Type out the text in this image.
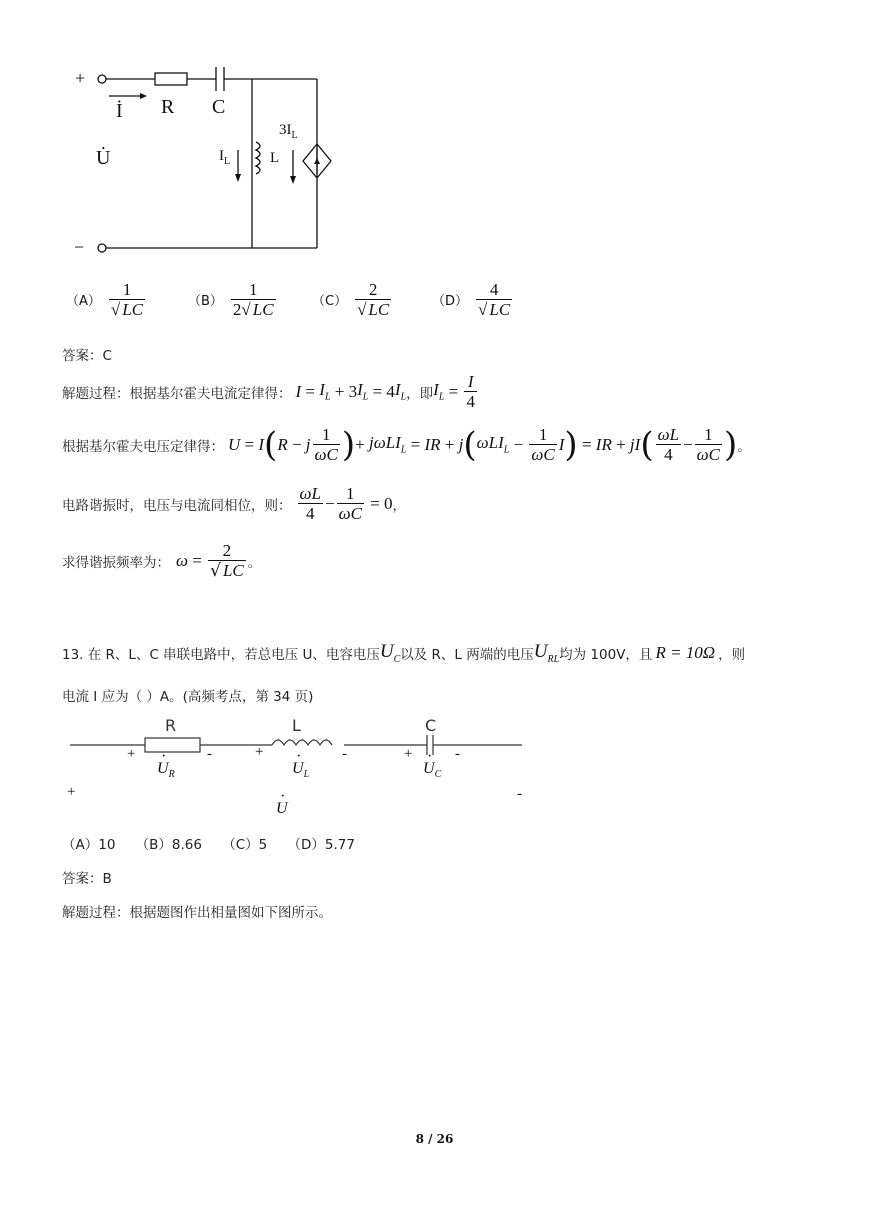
+
−
İ R C
U̇	$I_L$	L
$3I_L$
$(A) \frac{1}{√ LC}$	$(B) \frac{1}{2√ LC}$	$(C) \frac{2}{√ LC}$	$(D) \frac{4}{√ LC}$
答案：C
解题过程：根据基尔霍夫电流定律得： $I = I_L + 3$ $I_L = 4$ $I_L$ ，即 $I_L = \frac{I}{4}$
根据基尔霍夫电压定律得： U = I ( R − j $\frac{1}{\omega C}$ ) + jωLI$_L$ = IR + j ( $\omega LI_L - \frac{1}{\omega C}$ I ) = IR + jI ( $\frac{\omega L}{4} - \frac{1}{\omega C}$ ) 。
电路谐振时，电压与电流同相位，则： $\frac{\omega L}{4} - \frac{1}{\omega C} = 0$ ，
求得谐振频率为： $\omega = \frac{2}{√ LC}$ 。
13. 在 R、L、C 串联电路中，若总电压 U、电容电压 $U_C$ 以及 R、L 两端的电压 $U_{RL}$ 均为 100V，且 R = 10Ω ，则
电流 I 应为（ ）A。(高频考点，第 34 页)
R	L	C
+	-	+	-	+	-
+	-
·
$U_R$
·
$U_L$
·
$U_C$
·
U
（A）10　　（B）8.66　　（C）5　　（D）5.77
答案：B
解题过程：根据题图作出相量图如下图所示。
8 / 26
